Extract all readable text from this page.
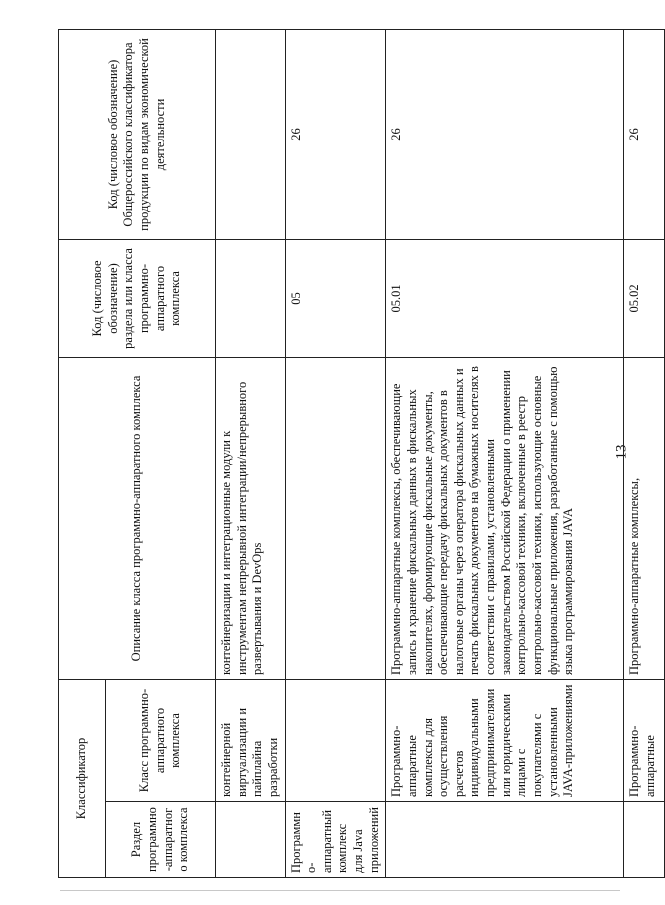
13
Классификатор		Описание класса программно-аппаратного комплекса	Код (числовое обозначение) раздела или класса программно-аппаратного комплекса	Код (числовое обозначение) Общероссийского классификатора продукции по видам экономической деятельности
Раздел программно-аппаратного комплекса	Класс программно-аппаратного комплекса			
	контейнерной виртуализации и пайплайна разработки	контейнеризации и интеграционные модули к инструментам непрерывной интеграции/непрерывного развертывания и DevOps		
Программно-аппаратный комплекс для Java приложений			05	26
	Программно-аппаратные комплексы для осуществления расчетов индивидуальными предпринимателями или юридическими лицами с покупателями с установленными JAVA-приложениями	Программно-аппаратные комплексы, обеспечивающие запись и хранение фискальных данных в фискальных накопителях, формирующие фискальные документы, обеспечивающие передачу фискальных документов в налоговые органы через оператора фискальных данных и печать фискальных документов на бумажных носителях в соответствии с правилами, установленными законодательством Российской Федерации о применении контрольно-кассовой техники, включенные в реестр контрольно-кассовой техники, использующие основные функциональные приложения, разработанные с помощью языка программирования JAVA	05.01	26
	Программно-аппаратные	Программно-аппаратные комплексы,	05.02	26
